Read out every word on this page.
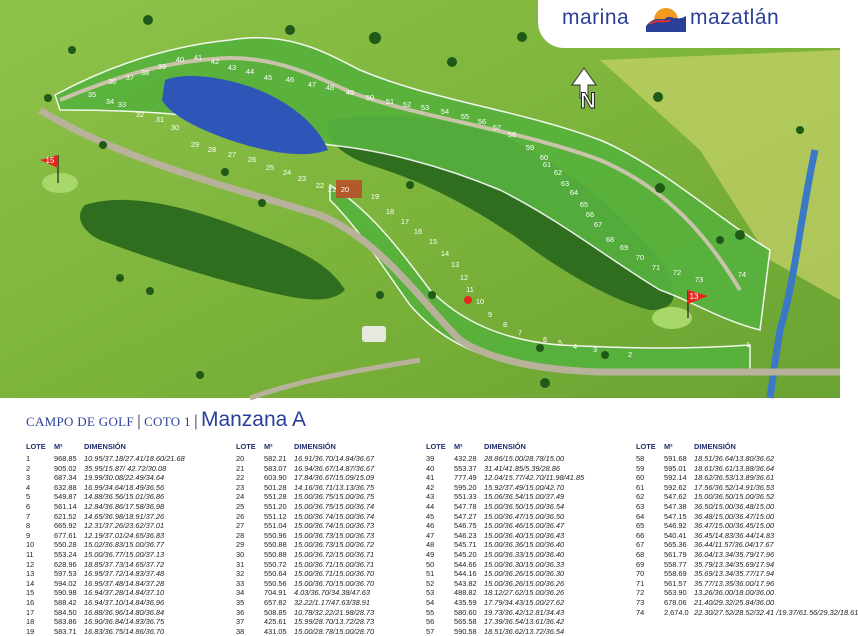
N
15
13
20
19
18
17
16
15
14
13
12
11
10
9
8
7
6 5 4 3
2
1
21
22
23
24
25
26
27
28
29
30
31
32
33
34
35
36 37
38
39
40 41 42
43 44
45 46
47 48
49
50 51 52 53 54
55
56
57
58
59
60
61
62
63
64
65
66
67
68
69
70
71
72
73
74
marina	mazatlán
CAMPO DE GOLF | COTO 1 | Manzana A
LOTE M²	DIMENSIÓN
1	968.85 10.95/37.18/27.41/18.60/21.68
2	905.02 35.95/15.87/ 42.72/30.08
3	687.34 19.99/30.08/22.49/34.64
4	632.88 16.99/34.64/18.49/36.56
5	549.87 14.88/36.56/15.01/36.86
6	561.14 12.84/36.86/17.58/36.98
7	621.52 14.65/36.98/18.91/37.26
8	665.92 12.31/37.26/23.62/37.01
9	677.61 12.19/37.01/24.65/36.83
10	550.28 15.02/36.83/15.00/36.77
11	553.24 15.00/36.77/15.00/37.13
12	628.96 18.85/37.73/14.65/37.72
13	597.53 16.95/37.72/14.83/37.48
14	594.02 16.95/37.48/14.84/37.28
15	590.98 16.94/37.28/14.84/37.10
16	588.42 16.94/37.10/14.84/36.96
17	584.50 16.88/36.96/14.80/36.84
18	583.86 16.90/36.84/14.83/36.75
19	583.71 16.83/36.75/14.86/36.70
LOTE M²	DIMENSIÓN
20	582.21 16.91/36.70/14.84/36.67
21	583.07 16.94/36.67/14.87/36.67
22	603.90 17.84/36.67/15.09/15.09
23	501.28 14.16/36.71/13.13/36.75
24	551.28 15.00/36.75/15.00/36.75
25	551.20 15.00/36.75/15.00/36.74
26	551.12 15.00/36.74/15.00/36.74
27	551.04 15.00/36.74/15.00/36.73
28	550.96 15.00/36.73/15.00/36.73
29	550.88 15.00/36.73/15.00/36.72
30	550.88 15.00/36.72/15.00/36.71
31	550.72 15.00/36.71/15.00/36.71
32	550.64 15.00/36.71/15.00/36.70
33	550.56 15.00/36.70/15.00/36.70
34	704.91 4.03/36.70/34.38/47.63
35	657.82 32.22/1.17/47.63/38.91
36	508.85 10.78/32.22/21.98/28.73
37	425.61 15.99/28.70/13.72/28.73
38	431.05 15.00/28.78/15.00/28.70
LOTE M²	DIMENSIÓN
39	432.28 28.86/15.00/28.78/15.00
40	553.37 31.41/41.85/5.39/28.86
41	777.49 12.04/15.77/42.70/11.98/41.85
42	595.20 15.92/37.49/15.00/42.70
43	551.33 15.06/36.54/15.00/37.49
44	547.78 15.00/36.50/15.00/36.54
45	547.27 15.00/36.47/15.00/36.50
46	546.75 15.00/36.46/15.00/36.47
47	546.23 15.00/36.40/15.00/36.43
48	545.71 15.00/36.36/15.00/36.40
49	545.20 15.00/36.33/15.00/36.40
50	544.66 15.00/36.30/15.00/36.33
51	544.16 15.00/36.26/15.00/36.30
52	543.82 15.00/36.26/15.00/36.26
53	488.82 18.12/27.62/15.00/36.26
54	435.59 17.79/34.43/15.00/27.62
55	580.60 19.73/36.42/12.81/34.43
56	565.58 17.39/36.54/13.61/36.42
57	590.58 18.51/36.62/13.72/36.54
LOTE M²	DIMENSIÓN
58	591.68 18.51/36.64/13.80/36.62
59	595.01 18.61/36.61/13.88/36.64
60	592.14 18.62/36.53/13.89/36.61
61	592.62 17.56/36.52/14.91/36.53
62	547.62 15.00/36.50/15.00/36.52
63	547.38 36.50/15.00/36.48/15.00
64	547.15 36.48/15.00/36.47/15.00
65	546.92 36.47/15.00/36.45/15.00
66	540.41 36.45/14.83/36.44/14.83
67	565.36 36.44/11.57/36.04/17.67
68	561.79 36.04/13.34/35.79/17.96
69	558.77 35.79/13.34/35.69/17.94
70	558.69 35.69/13.34/35.77/17.94
71	561.57 35.77/13.35/36.00/17.96
72	563.90 13.26/36.00/18.00/36.00
73	678.06 21.40/29.32/25.84/36.00
74	2,674.0 22.30/27.52/28.52/32.41 /19.37/61.56/29.32/18.61
